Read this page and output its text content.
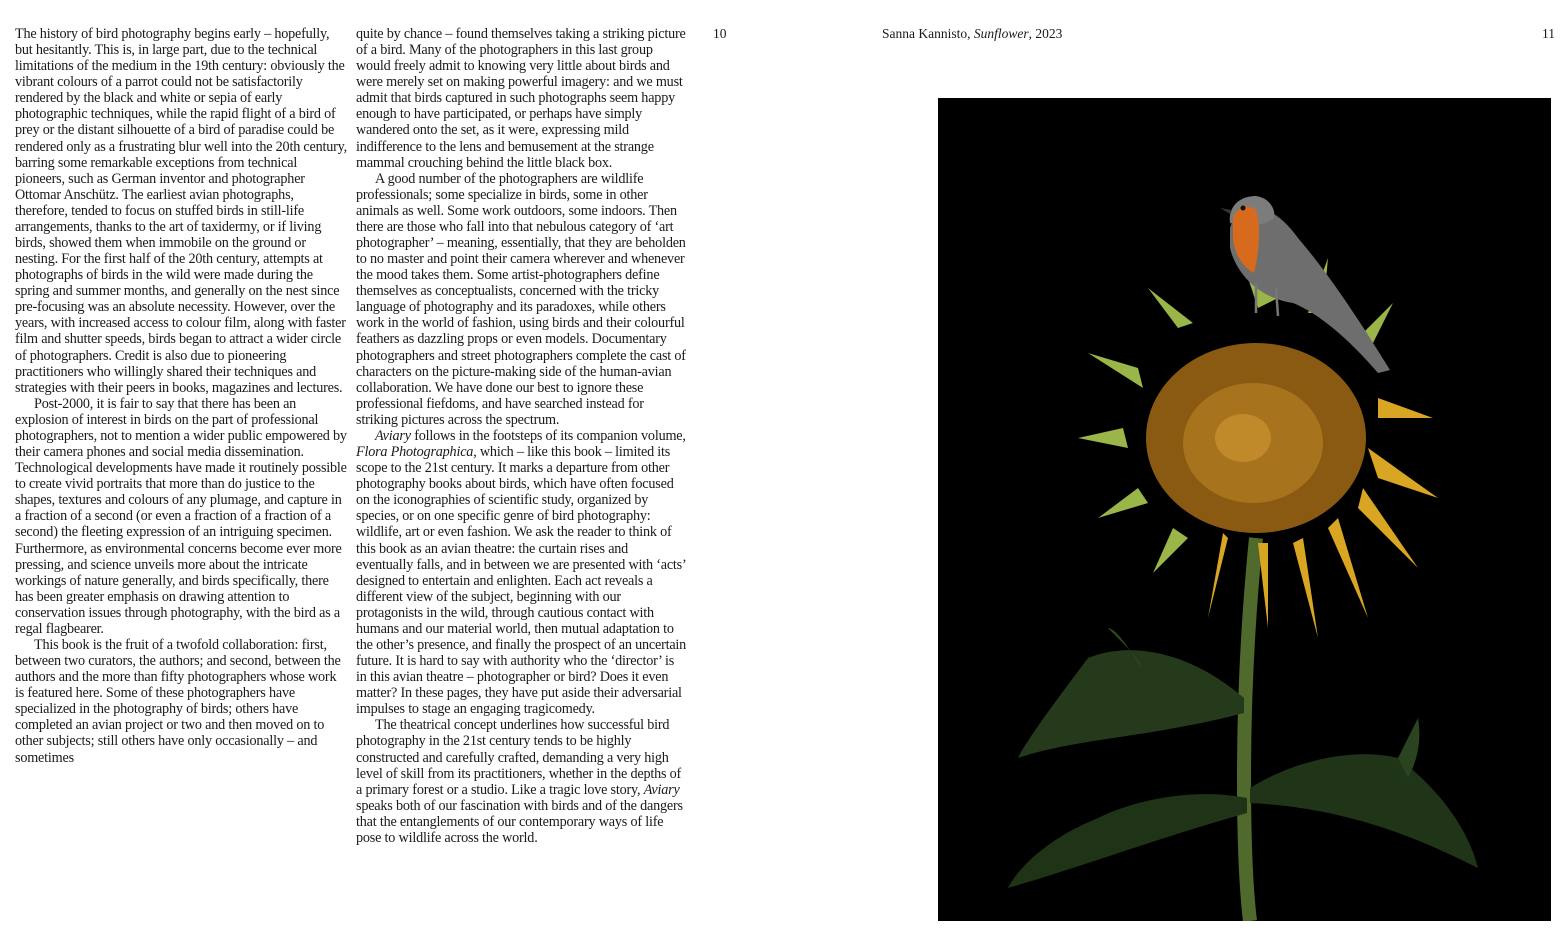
The history of bird photography begins early – hopefully, but hesitantly. This is, in large part, due to the technical limitations of the medium in the 19th century: obviously the vibrant colours of a parrot could not be satisfactorily rendered by the black and white or sepia of early photographic techniques, while the rapid flight of a bird of prey or the distant silhouette of a bird of paradise could be rendered only as a frustrating blur well into the 20th century, barring some remarkable exceptions from technical pioneers, such as German inventor and photographer Ottomar Anschütz. The earliest avian photographs, therefore, tended to focus on stuffed birds in still-life arrangements, thanks to the art of taxidermy, or if living birds, showed them when immobile on the ground or nesting. For the first half of the 20th century, attempts at photographs of birds in the wild were made during the spring and summer months, and generally on the nest since pre-focusing was an absolute necessity. However, over the years, with increased access to colour film, along with faster film and shutter speeds, birds began to attract a wider circle of photographers. Credit is also due to pioneering practitioners who willingly shared their techniques and strategies with their peers in books, magazines and lectures.

Post-2000, it is fair to say that there has been an explosion of interest in birds on the part of professional photographers, not to mention a wider public empowered by their camera phones and social media dissemination. Technological developments have made it routinely possible to create vivid portraits that more than do justice to the shapes, textures and colours of any plumage, and capture in a fraction of a second (or even a fraction of a fraction of a second) the fleeting expression of an intriguing specimen. Furthermore, as environmental concerns become ever more pressing, and science unveils more about the intricate workings of nature generally, and birds specifically, there has been greater emphasis on drawing attention to conservation issues through photography, with the bird as a regal flagbearer.

This book is the fruit of a twofold collaboration: first, between two curators, the authors; and second, between the authors and the more than fifty photographers whose work is featured here. Some of these photographers have specialized in the photography of birds; others have completed an avian project or two and then moved on to other subjects; still others have only occasionally – and sometimes

quite by chance – found themselves taking a striking picture of a bird. Many of the photographers in this last group would freely admit to knowing very little about birds and were merely set on making powerful imagery: and we must admit that birds captured in such photographs seem happy enough to have participated, or perhaps have simply wandered onto the set, as it were, expressing mild indifference to the lens and bemusement at the strange mammal crouching behind the little black box.

A good number of the photographers are wildlife professionals; some specialize in birds, some in other animals as well. Some work outdoors, some indoors. Then there are those who fall into that nebulous category of ‘art photographer’ – meaning, essentially, that they are beholden to no master and point their camera wherever and whenever the mood takes them. Some artist-photographers define themselves as conceptualists, concerned with the tricky language of photography and its paradoxes, while others work in the world of fashion, using birds and their colourful feathers as dazzling props or even models. Documentary photographers and street photographers complete the cast of characters on the picture-making side of the human-avian collaboration. We have done our best to ignore these professional fiefdoms, and have searched instead for striking pictures across the spectrum.

Aviary follows in the footsteps of its companion volume, Flora Photographica, which – like this book – limited its scope to the 21st century. It marks a departure from other photography books about birds, which have often focused on the iconographies of scientific study, organized by species, or on one specific genre of bird photography: wildlife, art or even fashion. We ask the reader to think of this book as an avian theatre: the curtain rises and eventually falls, and in between we are presented with ‘acts’ designed to entertain and enlighten. Each act reveals a different view of the subject, beginning with our protagonists in the wild, through cautious contact with humans and our material world, then mutual adaptation to the other’s presence, and finally the prospect of an uncertain future. It is hard to say with authority who the ‘director’ is in this avian theatre – photographer or bird? Does it even matter? In these pages, they have put aside their adversarial impulses to stage an engaging tragicomedy.

The theatrical concept underlines how successful bird photography in the 21st century tends to be highly constructed and carefully crafted, demanding a very high level of skill from its practitioners, whether in the depths of a primary forest or a studio. Like a tragic love story, Aviary speaks both of our fascination with birds and of the dangers that the entanglements of our contemporary ways of life pose to wildlife across the world.

10	Sanna Kannisto, Sunflower, 2023	11
